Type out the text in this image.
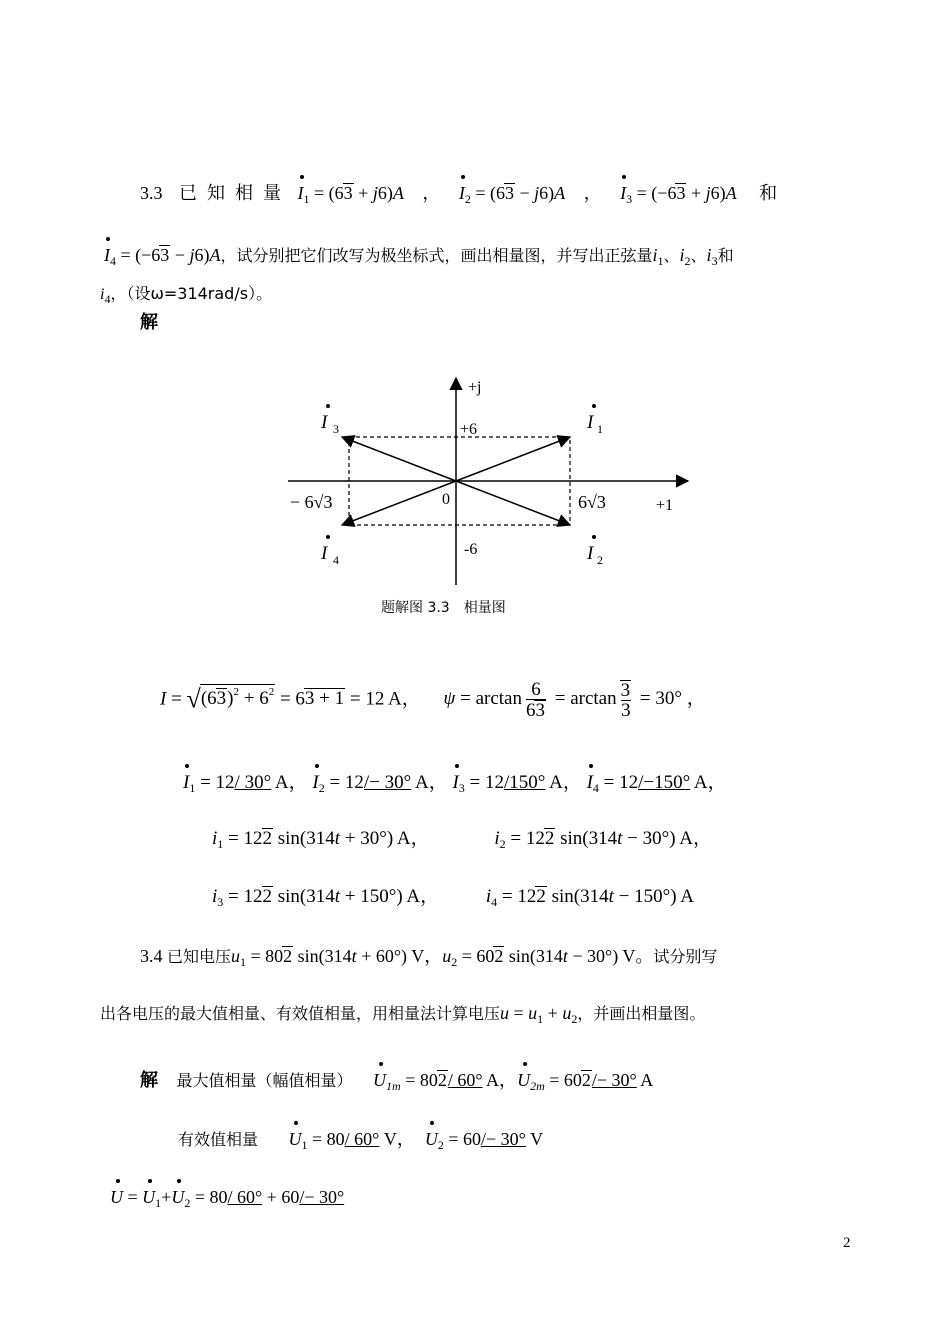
3.3 已知相量 $I_1 = (63 + j6)A$ ， $I_2 = (63 - j6)A$ ， $I_3 = (-63 + j6)A$ 和
$I_4 = (-63 - j6)A$，试分别把它们改写为极坐标式，画出相量图，并写出正弦量$i_1$、$i_2$、$i_3$和
$i_4$，（设ω=314rad/s）。
解
+j
+1
0
+6
-6
6√3
− 6√3
I 3	I 1
I 4	I 2
题解图 3.3　相量图
$I = √(63)^2 + 6^2 = 63 + 1 = 12$ A， $\psi = \arctan \frac{6}{63} = \arctan \frac{3}{3} = 30^\circ$ ，
$I_1 = 12/$ 30° A， $I_2 = 12/- 30^\circ$ A， $I_3 = 12/150^\circ$ A， $I_4 = 12/-150^\circ$ A，
$i_1 = 122$ sin(314t + 30°) A，	$i_2 = 122$ sin(314t − 30°) A，
$i_3 = 122$ sin(314t + 150°) A， $i_4 = 122$ sin(314t − 150°) A
3.4 已知电压$u_1 = 802$ sin(314t + 60°) V，$u_2 = 602$ sin(314t − 30°) V。试分别写
出各电压的最大值相量、有效值相量，用相量法计算电压$u = u_1 + u_2$，并画出相量图。
解 最大值相量（幅值相量） $U_{1m} = 802/$ 60° A，$U_{2m} = 602/- 30^\circ$ A
有效值相量 $U_1 = 80/$ 60° V， $U_2 = 60/- 30^\circ$ V
$U = U_1+U_2 = 80/$ 60° + 60/− 30°
2
